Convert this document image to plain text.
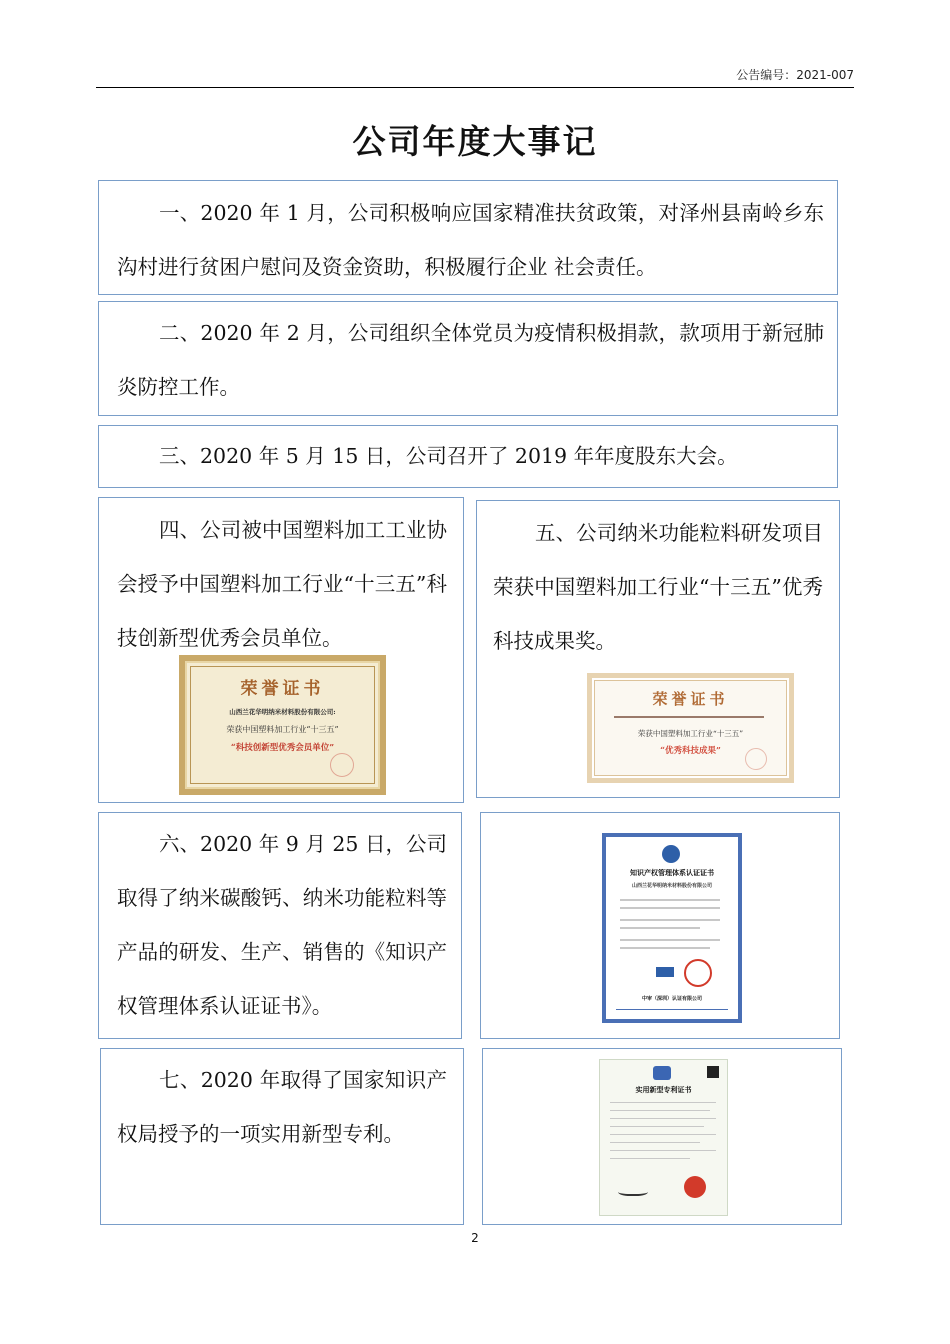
公告编号：2021-007
公司年度大事记
一、2020 年 1 月，公司积极响应国家精准扶贫政策，对泽州县南岭乡东沟村进行贫困户慰问及资金资助，积极履行企业 社会责任。
二、2020 年 2 月，公司组织全体党员为疫情积极捐款，款项用于新冠肺炎防控工作。
三、2020 年 5 月 15 日，公司召开了 2019 年年度股东大会。
四、公司被中国塑料加工工业协会授予中国塑料加工行业“十三五”科技创新型优秀会员单位。
荣誉证书
山西兰花华明纳米材料股份有限公司:
荣获中国塑料加工行业“十三五”
“科技创新型优秀会员单位”
五、公司纳米功能粒料研发项目荣获中国塑料加工行业“十三五”优秀科技成果奖。
荣誉证书
荣获中国塑料加工行业“十三五”
“优秀科技成果”
六、2020 年 9 月 25 日，公司取得了纳米碳酸钙、纳米功能粒料等产品的研发、生产、销售的《知识产权管理体系认证证书》。
知识产权管理体系认证证书
山西兰花华明纳米材料股份有限公司
中审（深圳）认证有限公司
七、2020 年取得了国家知识产权局授予的一项实用新型专利。
实用新型专利证书
2
